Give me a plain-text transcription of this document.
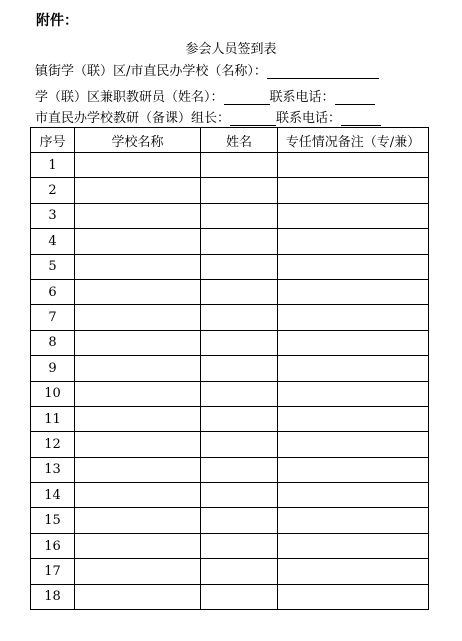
附件：
参会人员签到表
镇街学（联）区/市直民办学校（名称）：
学（联）区兼职教研员（姓名）：	联系电话：
市直民办学校教研（备课）组长：	联系电话：
序号	学校名称	姓名	专任情况备注（专/兼）
1			
2			
3			
4			
5			
6			
7			
8			
9			
10			
11			
12			
13			
14			
15			
16			
17			
18			
